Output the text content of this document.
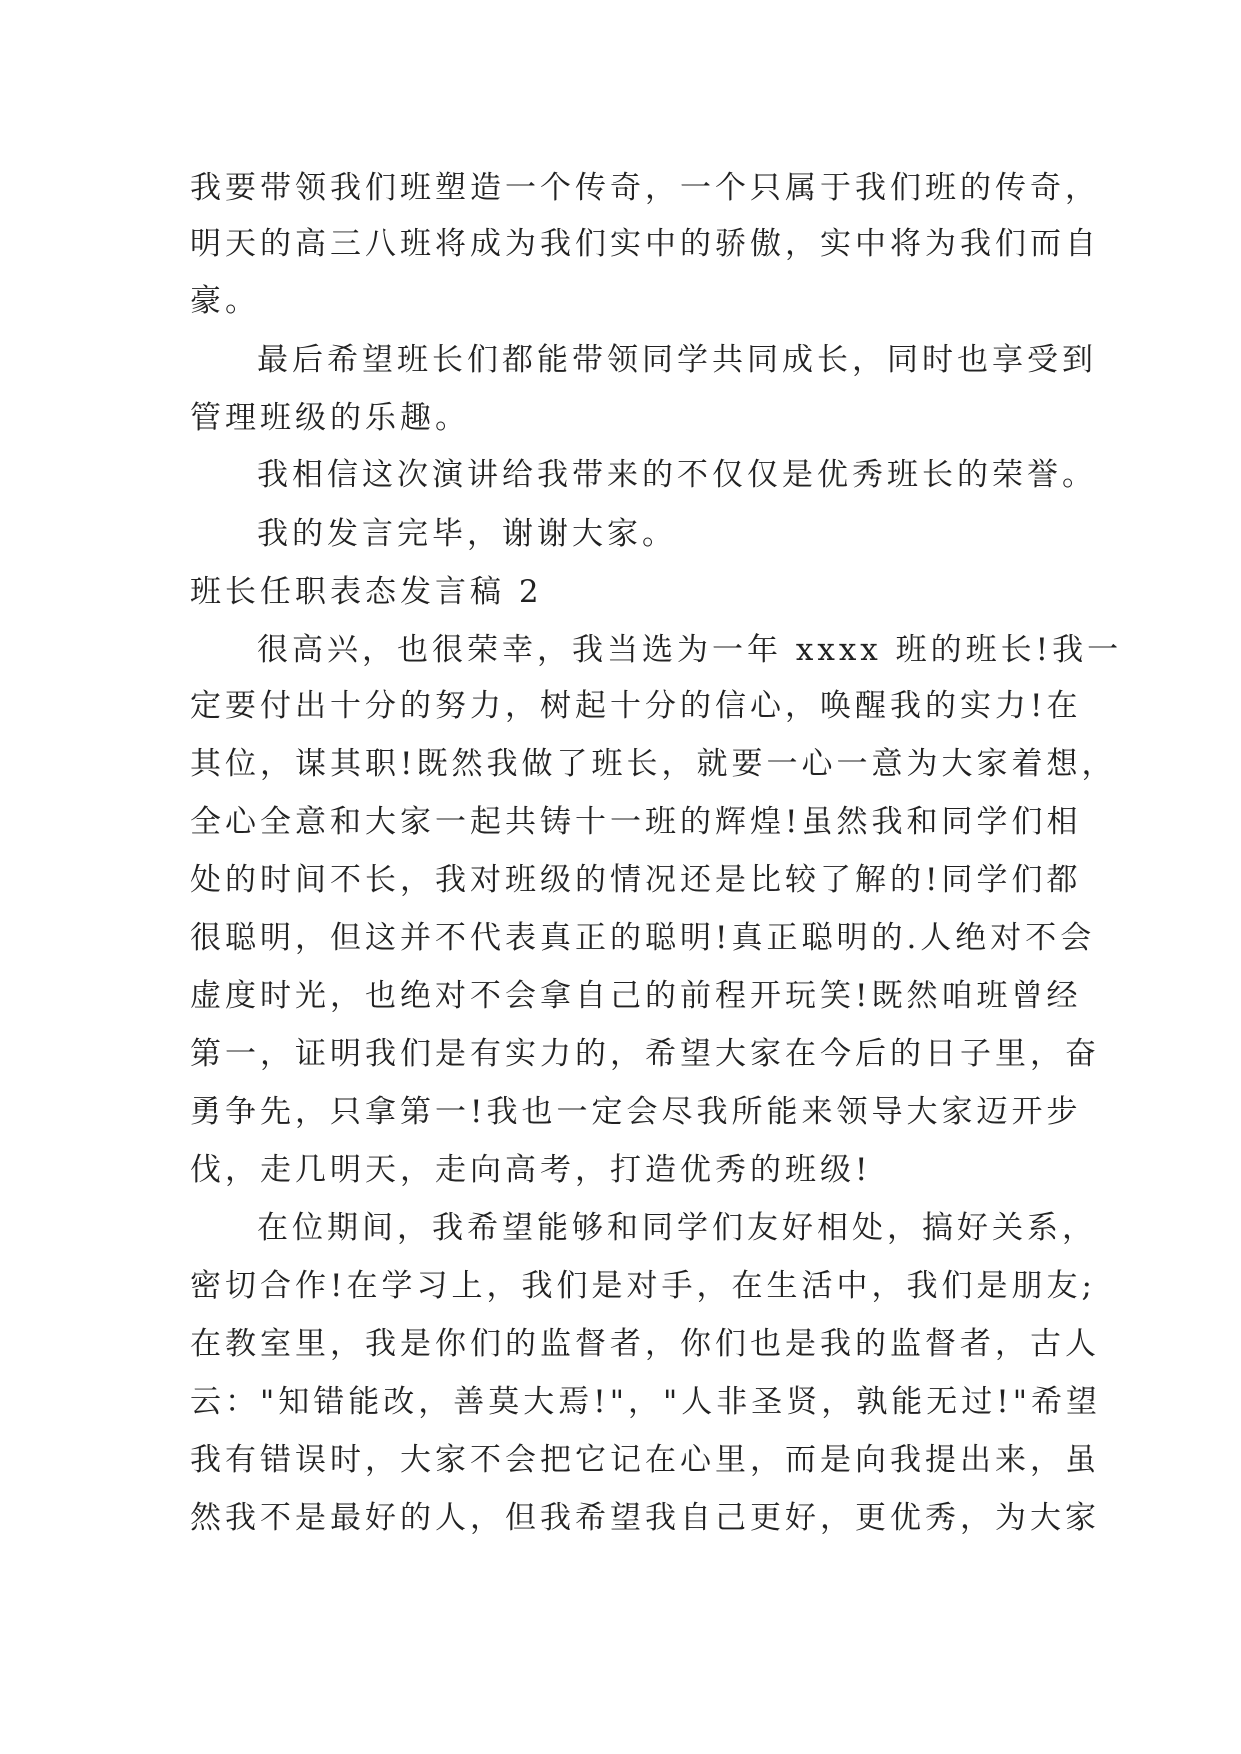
我要带领我们班塑造一个传奇，一个只属于我们班的传奇，

明天的高三八班将成为我们实中的骄傲，实中将为我们而自

豪。

最后希望班长们都能带领同学共同成长，同时也享受到

管理班级的乐趣。

我相信这次演讲给我带来的不仅仅是优秀班长的荣誉。

我的发言完毕，谢谢大家。

班长任职表态发言稿 2

很高兴，也很荣幸，我当选为一年 xxxx 班的班长!我一

定要付出十分的努力，树起十分的信心，唤醒我的实力!在

其位，谋其职!既然我做了班长，就要一心一意为大家着想，

全心全意和大家一起共铸十一班的辉煌!虽然我和同学们相

处的时间不长，我对班级的情况还是比较了解的!同学们都

很聪明，但这并不代表真正的聪明!真正聪明的.人绝对不会

虚度时光，也绝对不会拿自己的前程开玩笑!既然咱班曾经

第一，证明我们是有实力的，希望大家在今后的日子里，奋

勇争先，只拿第一!我也一定会尽我所能来领导大家迈开步

伐，走几明天，走向高考，打造优秀的班级!

在位期间，我希望能够和同学们友好相处，搞好关系，

密切合作!在学习上，我们是对手，在生活中，我们是朋友;

在教室里，我是你们的监督者，你们也是我的监督者，古人

云："知错能改，善莫大焉!"，"人非圣贤，孰能无过!"希望

我有错误时，大家不会把它记在心里，而是向我提出来，虽

然我不是最好的人，但我希望我自己更好，更优秀，为大家
